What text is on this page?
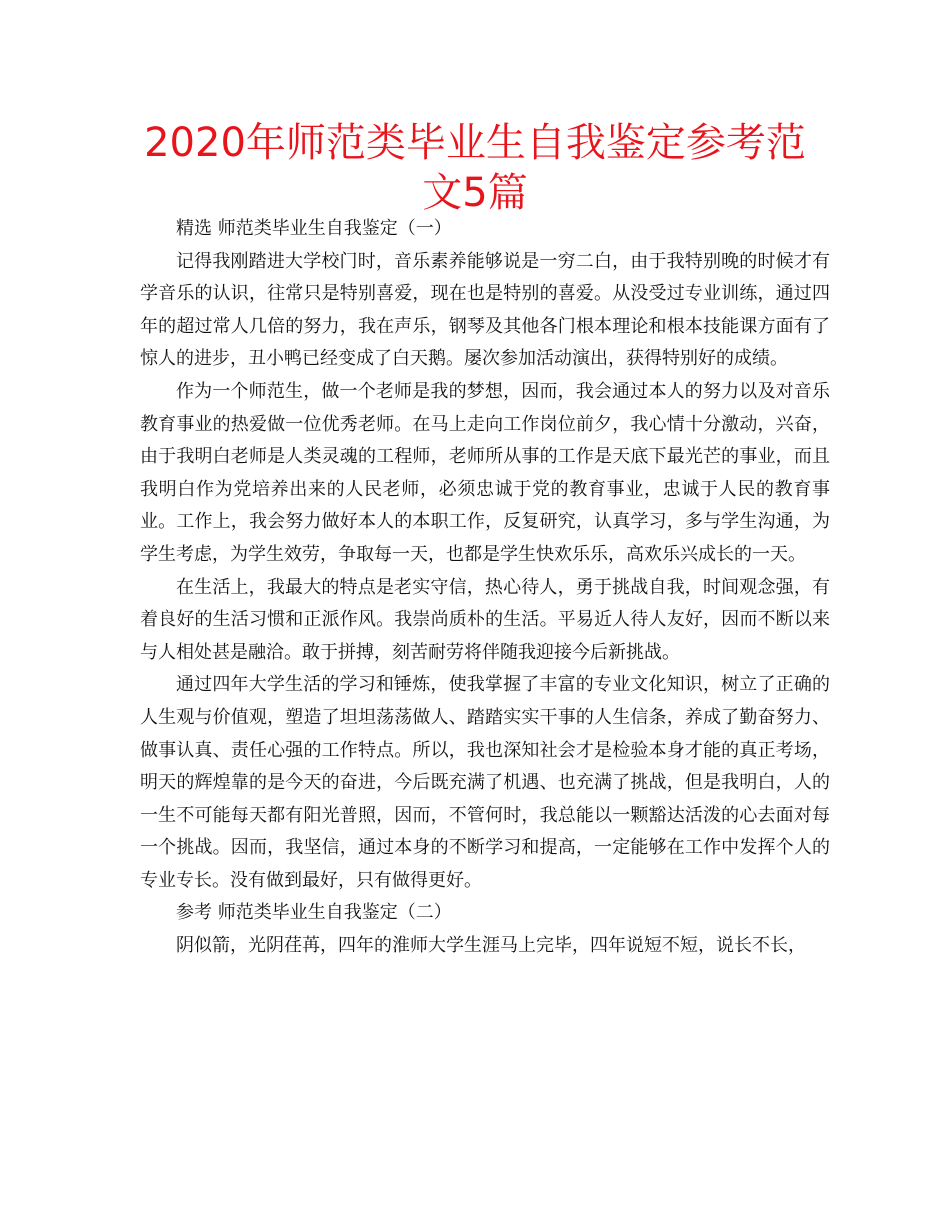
2020年师范类毕业生自我鉴定参考范文5篇

精选 师范类毕业生自我鉴定（一）

记得我刚踏进大学校门时，音乐素养能够说是一穷二白，由于我特别晚的时候才有学音乐的认识，往常只是特别喜爱，现在也是特别的喜爱。从没受过专业训练，通过四年的超过常人几倍的努力，我在声乐，钢琴及其他各门根本理论和根本技能课方面有了惊人的进步，丑小鸭已经变成了白天鹅。屡次参加活动演出，获得特别好的成绩。

作为一个师范生，做一个老师是我的梦想，因而，我会通过本人的努力以及对音乐教育事业的热爱做一位优秀老师。在马上走向工作岗位前夕，我心情十分激动，兴奋，由于我明白老师是人类灵魂的工程师，老师所从事的工作是天底下最光芒的事业，而且我明白作为党培养出来的人民老师，必须忠诚于党的教育事业，忠诚于人民的教育事业。工作上，我会努力做好本人的本职工作，反复研究，认真学习，多与学生沟通，为学生考虑，为学生效劳，争取每一天，也都是学生快欢乐乐，高欢乐兴成长的一天。

在生活上，我最大的特点是老实守信，热心待人，勇于挑战自我，时间观念强，有着良好的生活习惯和正派作风。我崇尚质朴的生活。平易近人待人友好，因而不断以来与人相处甚是融洽。敢于拼搏，刻苦耐劳将伴随我迎接今后新挑战。

通过四年大学生活的学习和锤炼，使我掌握了丰富的专业文化知识，树立了正确的人生观与价值观，塑造了坦坦荡荡做人、踏踏实实干事的人生信条，养成了勤奋努力、做事认真、责任心强的工作特点。所以，我也深知社会才是检验本身才能的真正考场，明天的辉煌靠的是今天的奋进，今后既充满了机遇、也充满了挑战，但是我明白，人的一生不可能每天都有阳光普照，因而，不管何时，我总能以一颗豁达活泼的心去面对每一个挑战。因而，我坚信，通过本身的不断学习和提高，一定能够在工作中发挥个人的专业专长。没有做到最好，只有做得更好。

参考 师范类毕业生自我鉴定（二）

阴似箭，光阴荏苒，四年的淮师大学生涯马上完毕，四年说短不短，说长不长，
